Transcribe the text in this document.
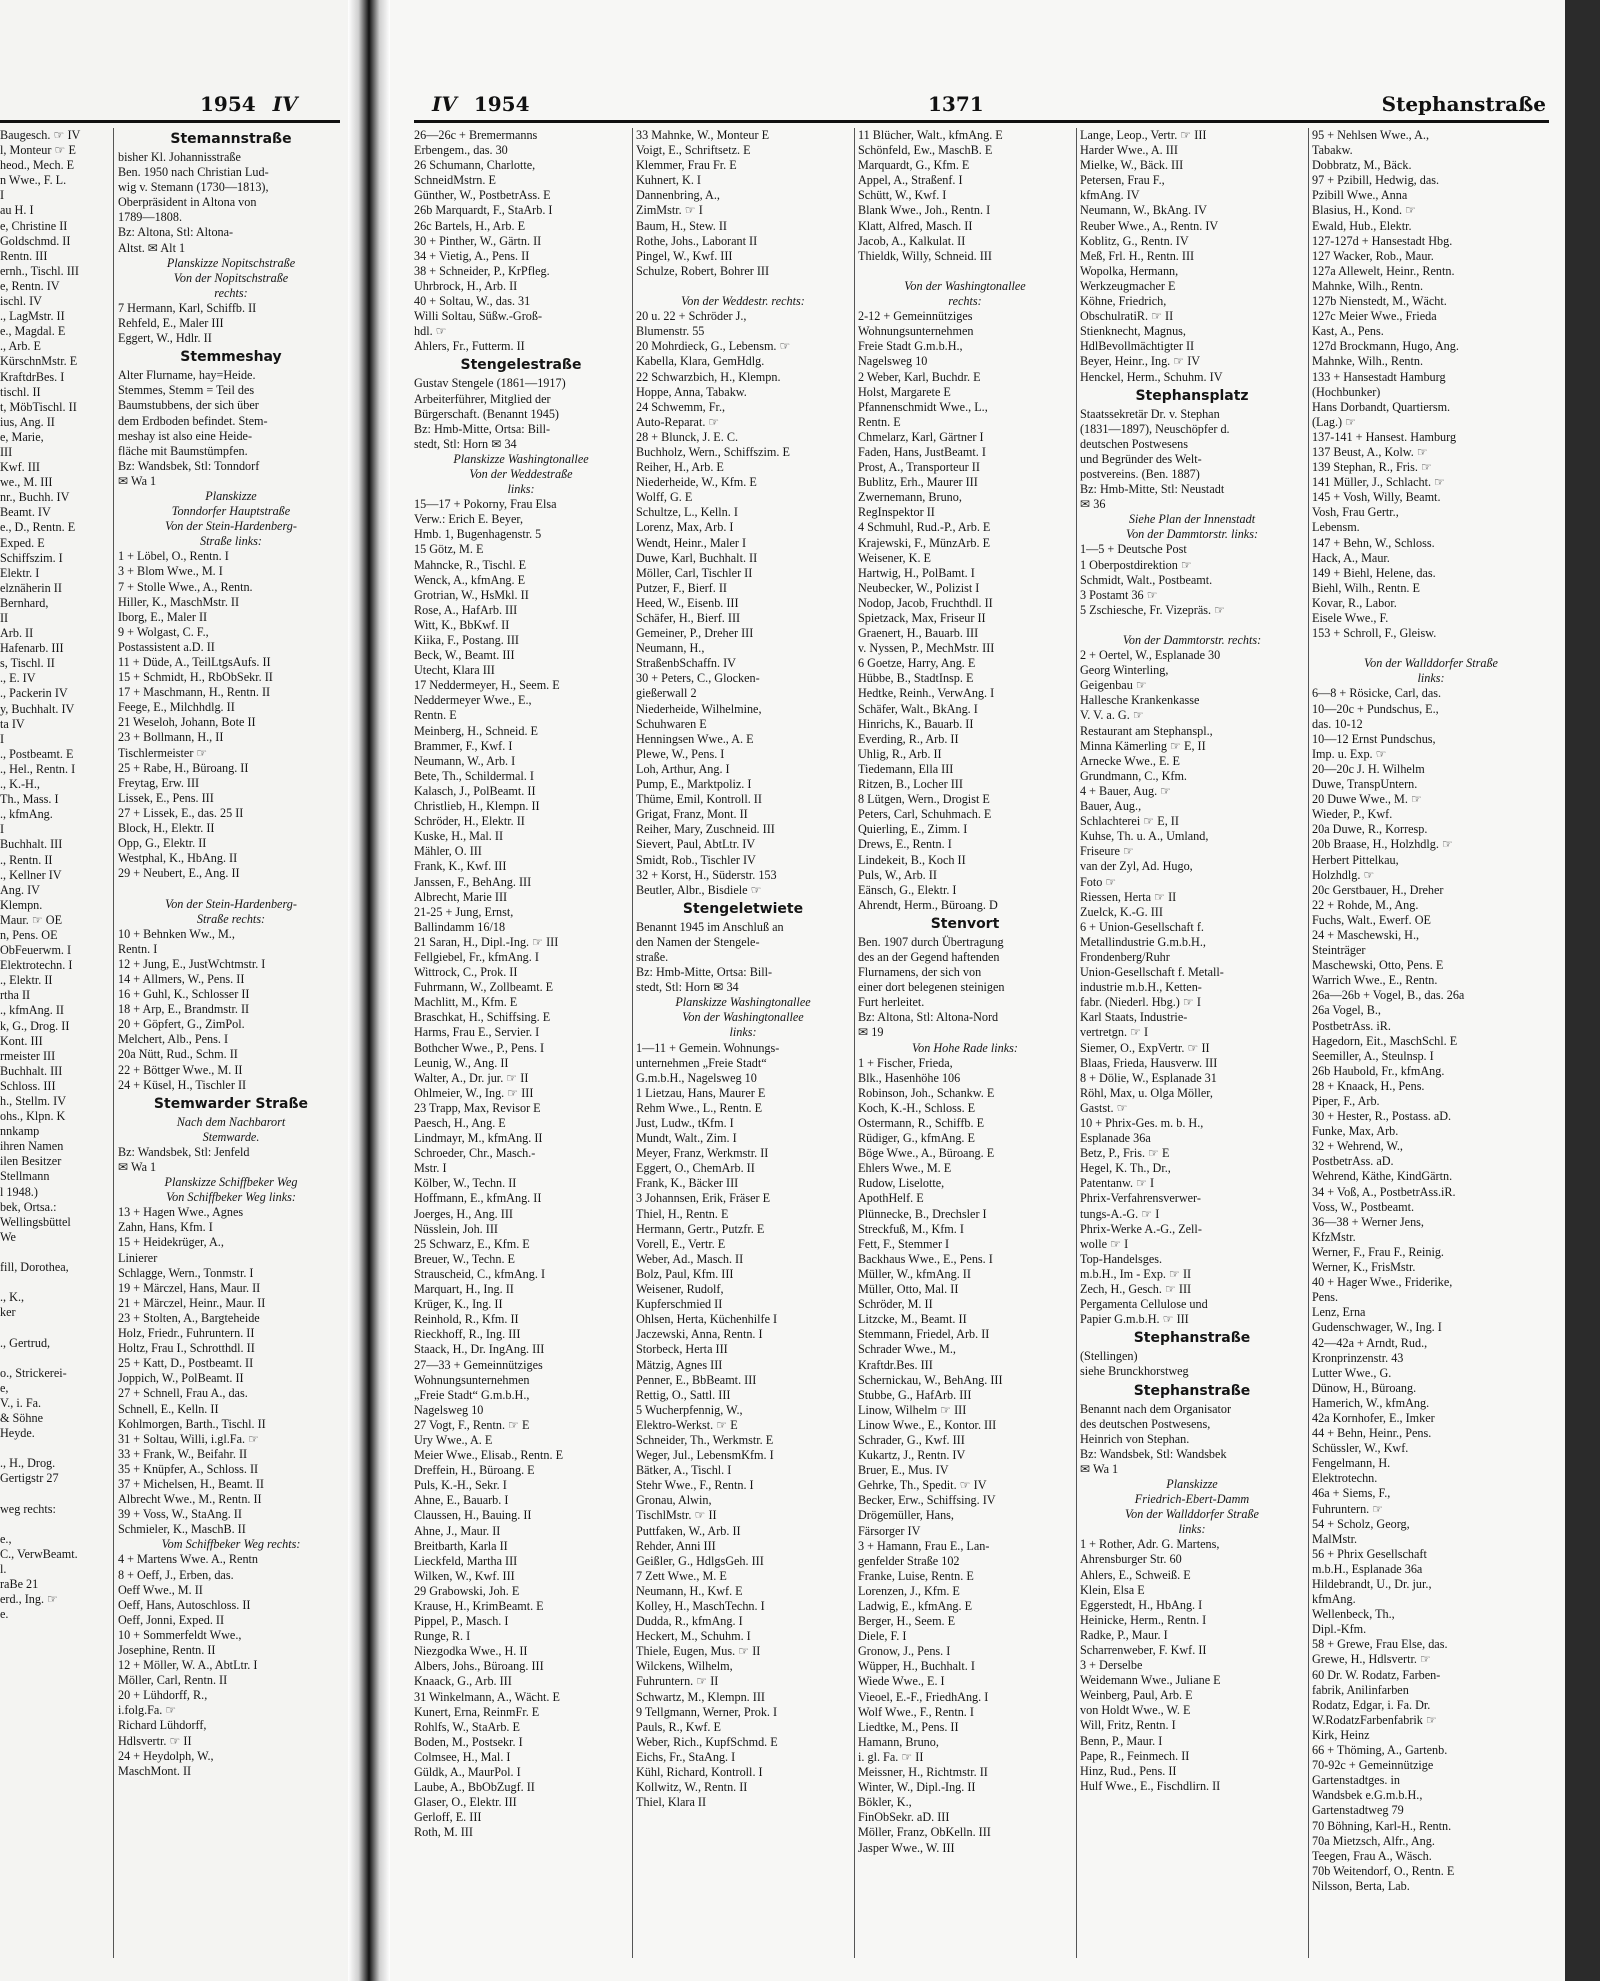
1954 IV
Baugesch. ☞ IV
l, Monteur ☞ E
heod., Mech. E
n Wwe., F. L.
I
au H. I
e, Christine II
Goldschmd. II
Rentn. III
ernh., Tischl. III
e, Rentn. IV
ischl. IV
., LagMstr. II
e., Magdal. E
., Arb. E
KürschnMstr. E
KraftdrBes. I
tischl. II
t, MöbTischl. II
ius, Ang. II
e, Marie,
III
Kwf. III
we., M. III
nr., Buchh. IV
Beamt. IV
e., D., Rentn. E
Exped. E
Schiffszim. I
Elektr. I
elznäherin II
Bernhard,
II
Arb. II
Hafenarb. III
s, Tischl. II
., E. IV
., Packerin IV
y, Buchhalt. IV
ta IV
I
., Postbeamt. E
., Hel., Rentn. I
., K.-H.,
Th., Mass. I
., kfmAng.
I
Buchhalt. III
., Rentn. II
., Kellner IV
Ang. IV
Klempn.
Maur. ☞ OE
n, Pens. OE
ObFeuerwm. I
Elektrotechn. I
., Elektr. II
rtha II
., kfmAng. II
k, G., Drog. II
Kont. III
rmeister III
Buchhalt. III
Schloss. III
h., Stellm. IV
ohs., Klpn. K
nnkamp
ihren Namen
ilen Besitzer
Stellmann
l 1948.)
bek, Ortsa.:
Wellingsbüttel
We

fill, Dorothea,

., K.,
ker

., Gertrud,

o., Strickerei-
e,
V., i. Fa.
& Söhne
Heyde.

., H., Drog.
Gertigstr 27

weg rechts:

e.,
C., VerwBeamt.
l.
raBe 21
erd., Ing. ☞
e.
Stemannstraße
bisher Kl. Johannisstraße
Ben. 1950 nach Christian Lud-
wig v. Stemann (1730—1813),
Oberpräsident in Altona von
1789—1808.
Bz: Altona, Stl: Altona-
Altst. ✉ Alt 1
Planskizze Nopitschstraße
Von der Nopitschstraße
rechts:
7 Hermann, Karl, Schiffb. II
Rehfeld, E., Maler III
Eggert, W., Hdlr. II
Stemmeshay
Alter Flurname, hay=Heide.
Stemmes, Stemm = Teil des
Baumstubbens, der sich über
dem Erdboden befindet. Stem-
meshay ist also eine Heide-
fläche mit Baumstümpfen.
Bz: Wandsbek, Stl: Tonndorf
✉ Wa 1
Planskizze
Tonndorfer Hauptstraße
Von der Stein-Hardenberg-
Straße links:
1 + Löbel, O., Rentn. I
3 + Blom Wwe., M. I
7 + Stolle Wwe., A., Rentn.
Hiller, K., MaschMstr. II
Iborg, E., Maler II
9 + Wolgast, C. F.,
Postassistent a.D. II
11 + Düde, A., TeilLtgsAufs. II
15 + Schmidt, H., RbObSekr. II
17 + Maschmann, H., Rentn. II
Feege, E., Milchhdlg. II
21 Weseloh, Johann, Bote II
23 + Bollmann, H., II
Tischlermeister ☞
25 + Rabe, H., Büroang. II
Freytag, Erw. III
Lissek, E., Pens. III
27 + Lissek, E., das. 25 II
Block, H., Elektr. II
Opp, G., Elektr. II
Westphal, K., HbAng. II
29 + Neubert, E., Ang. II

Von der Stein-Hardenberg-
Straße rechts:
10 + Behnken Ww., M.,
Rentn. I
12 + Jung, E., JustWchtmstr. I
14 + Allmers, W., Pens. II
16 + Guhl, K., Schlosser II
18 + Arp, E., Brandmstr. II
20 + Göpfert, G., ZimPol.
Melchert, Alb., Pens. I
20a Nütt, Rud., Schm. II
22 + Böttger Wwe., M. II
24 + Küsel, H., Tischler II
Stemwarder Straße
Nach dem Nachbarort
Stemwarde.
Bz: Wandsbek, Stl: Jenfeld
✉ Wa 1
Planskizze Schiffbeker Weg
Von Schiffbeker Weg links:
13 + Hagen Wwe., Agnes
Zahn, Hans, Kfm. I
15 + Heidekrüger, A.,
Linierer
Schlagge, Wern., Tonmstr. I
19 + Märczel, Hans, Maur. II
21 + Märczel, Heinr., Maur. II
23 + Stolten, A., Bargteheide
Holz, Friedr., Fuhruntern. II
Holtz, Frau I., Schrotthdl. II
25 + Katt, D., Postbeamt. II
Joppich, W., PolBeamt. II
27 + Schnell, Frau A., das.
Schnell, E., Kelln. II
Kohlmorgen, Barth., Tischl. II
31 + Soltau, Willi, i.gl.Fa. ☞
33 + Frank, W., Beifahr. II
35 + Knüpfer, A., Schloss. II
37 + Michelsen, H., Beamt. II
Albrecht Wwe., M., Rentn. II
39 + Voss, W., StaAng. II
Schmieler, K., MaschB. II
Vom Schiffbeker Weg rechts:
4 + Martens Wwe. A., Rentn
8 + Oeff, J., Erben, das.
Oeff Wwe., M. II
Oeff, Hans, Autoschloss. II
Oeff, Jonni, Exped. II
10 + Sommerfeldt Wwe.,
Josephine, Rentn. II
12 + Möller, W. A., AbtLtr. I
Möller, Carl, Rentn. II
20 + Lühdorff, R.,
i.folg.Fa. ☞
Richard Lühdorff,
Hdlsvertr. ☞ II
24 + Heydolph, W.,
MaschMont. II
IV 1954	1371	Stephanstraße
26—26c + Bremermanns
Erbengem., das. 30
26 Schumann, Charlotte,
SchneidMstrn. E
Günther, W., PostbetrAss. E
26b Marquardt, F., StaArb. I
26c Bartels, H., Arb. E
30 + Pinther, W., Gärtn. II
34 + Vietig, A., Pens. II
38 + Schneider, P., KrPfleg.
Uhrbrock, H., Arb. II
40 + Soltau, W., das. 31
Willi Soltau, Süßw.-Groß-
hdl. ☞
Ahlers, Fr., Futterm. II
Stengelestraße
Gustav Stengele (1861—1917)
Arbeiterführer, Mitglied der
Bürgerschaft. (Benannt 1945)
Bz: Hmb-Mitte, Ortsa: Bill-
stedt, Stl: Horn ✉ 34
Planskizze Washingtonallee
Von der Weddestraße
links:
15—17 + Pokorny, Frau Elsa
Verw.: Erich E. Beyer,
Hmb. 1, Bugenhagenstr. 5
15 Götz, M. E
Mahncke, R., Tischl. E
Wenck, A., kfmAng. E
Grotrian, W., HsMkl. II
Rose, A., HafArb. III
Witt, K., BbKwf. II
Kiika, F., Postang. III
Beck, W., Beamt. III
Utecht, Klara III
17 Neddermeyer, H., Seem. E
Neddermeyer Wwe., E.,
Rentn. E
Meinberg, H., Schneid. E
Brammer, F., Kwf. I
Neumann, W., Arb. I
Bete, Th., Schildermal. I
Kalasch, J., PolBeamt. II
Christlieb, H., Klempn. II
Schröder, H., Elektr. II
Kuske, H., Mal. II
Mähler, O. III
Frank, K., Kwf. III
Janssen, F., BehAng. III
Albrecht, Marie III
21-25 + Jung, Ernst,
Ballindamm 16/18
21 Saran, H., Dipl.-Ing. ☞ III
Fellgiebel, Fr., kfmAng. I
Wittrock, C., Prok. II
Fuhrmann, W., Zollbeamt. E
Machlitt, M., Kfm. E
Braschkat, H., Schiffsing. E
Harms, Frau E., Servier. I
Bothcher Wwe., P., Pens. I
Leunig, W., Ang. II
Walter, A., Dr. jur. ☞ II
Ohlmeier, W., Ing. ☞ III
23 Trapp, Max, Revisor E
Paesch, H., Ang. E
Lindmayr, M., kfmAng. II
Schroeder, Chr., Masch.-
Mstr. I
Kölber, W., Techn. II
Hoffmann, E., kfmAng. II
Joerges, H., Ang. III
Nüsslein, Joh. III
25 Schwarz, E., Kfm. E
Breuer, W., Techn. E
Strauscheid, C., kfmAng. I
Marquart, H., Ing. II
Krüger, K., Ing. II
Reinhold, R., Kfm. II
Rieckhoff, R., Ing. III
Staack, H., Dr. IngAng. III
27—33 + Gemeinnütziges
Wohnungsunternehmen
„Freie Stadt“ G.m.b.H.,
Nagelsweg 10
27 Vogt, F., Rentn. ☞ E
Ury Wwe., A. E
Meier Wwe., Elisab., Rentn. E
Dreffein, H., Büroang. E
Puls, K.-H., Sekr. I
Ahne, E., Bauarb. I
Claussen, H., Bauing. II
Ahne, J., Maur. II
Breitbarth, Karla II
Lieckfeld, Martha III
Wilken, W., Kwf. III
29 Grabowski, Joh. E
Krause, H., KrimBeamt. E
Pippel, P., Masch. I
Runge, R. I
Niezgodka Wwe., H. II
Albers, Johs., Büroang. III
Knaack, G., Arb. III
31 Winkelmann, A., Wächt. E
Kunert, Erna, ReinmFr. E
Rohlfs, W., StaArb. E
Boden, M., Postsekr. I
Colmsee, H., Mal. I
Güldk, A., MaurPol. I
Laube, A., BbObZugf. II
Glaser, O., Elektr. III
Gerloff, E. III
Roth, M. III
33 Mahnke, W., Monteur E
Voigt, E., Schriftsetz. E
Klemmer, Frau Fr. E
Kuhnert, K. I
Dannenbring, A.,
ZimMstr. ☞ I
Baum, H., Stew. II
Rothe, Johs., Laborant II
Pingel, W., Kwf. III
Schulze, Robert, Bohrer III

Von der Weddestr. rechts:
20 u. 22 + Schröder J.,
Blumenstr. 55
20 Mohrdieck, G., Lebensm. ☞
Kabella, Klara, GemHdlg.
22 Schwarzbich, H., Klempn.
Hoppe, Anna, Tabakw.
24 Schwemm, Fr.,
Auto-Reparat. ☞
28 + Blunck, J. E. C.
Buchholz, Wern., Schiffszim. E
Reiher, H., Arb. E
Niederheide, W., Kfm. E
Wolff, G. E
Schultze, L., Kelln. I
Lorenz, Max, Arb. I
Wendt, Heinr., Maler I
Duwe, Karl, Buchhalt. II
Möller, Carl, Tischler II
Putzer, F., Bierf. II
Heed, W., Eisenb. III
Schäfer, H., Bierf. III
Gemeiner, P., Dreher III
Neumann, H.,
StraßenbSchaffn. IV
30 + Peters, C., Glocken-
gießerwall 2
Niederheide, Wilhelmine,
Schuhwaren E
Henningsen Wwe., A. E
Plewe, W., Pens. I
Loh, Arthur, Ang. I
Pump, E., Marktpoliz. I
Thüme, Emil, Kontroll. II
Grigat, Franz, Mont. II
Reiher, Mary, Zuschneid. III
Sievert, Paul, AbtLtr. IV
Smidt, Rob., Tischler IV
32 + Korst, H., Süderstr. 153
Beutler, Albr., Bisdiele ☞
Stengeletwiete
Benannt 1945 im Anschluß an
den Namen der Stengele-
straße.
Bz: Hmb-Mitte, Ortsa: Bill-
stedt, Stl: Horn ✉ 34
Planskizze Washingtonallee
Von der Washingtonallee
links:
1—11 + Gemein. Wohnungs-
unternehmen „Freie Stadt“
G.m.b.H., Nagelsweg 10
1 Lietzau, Hans, Maurer E
Rehm Wwe., L., Rentn. E
Just, Ludw., tKfm. I
Mundt, Walt., Zim. I
Meyer, Franz, Werkmstr. II
Eggert, O., ChemArb. II
Frank, K., Bäcker III
3 Johannsen, Erik, Fräser E
Thiel, H., Rentn. E
Hermann, Gertr., Putzfr. E
Vorell, E., Vertr. E
Weber, Ad., Masch. II
Bolz, Paul, Kfm. III
Weisener, Rudolf,
Kupferschmied II
Ohlsen, Herta, Küchenhilfe I
Jaczewski, Anna, Rentn. I
Storbeck, Herta III
Mätzig, Agnes III
Penner, E., BbBeamt. III
Rettig, O., Sattl. III
5 Wucherpfennig, W.,
Elektro-Werkst. ☞ E
Schneider, Th., Werkmstr. E
Weger, Jul., LebensmKfm. I
Bätker, A., Tischl. I
Stehr Wwe., F., Rentn. I
Gronau, Alwin,
TischlMstr. ☞ II
Puttfaken, W., Arb. II
Rehder, Anni III
Geißler, G., HdlgsGeh. III
7 Zett Wwe., M. E
Neumann, H., Kwf. E
Kolley, H., MaschTechn. I
Dudda, R., kfmAng. I
Heckert, M., Schuhm. I
Thiele, Eugen, Mus. ☞ II
Wilckens, Wilhelm,
Fuhruntern. ☞ II
Schwartz, M., Klempn. III
9 Tellgmann, Werner, Prok. I
Pauls, R., Kwf. E
Weber, Rich., KupfSchmd. E
Eichs, Fr., StaAng. I
Kühl, Richard, Kontroll. I
Kollwitz, W., Rentn. II
Thiel, Klara II
11 Blücher, Walt., kfmAng. E
Schönfeld, Ew., MaschB. E
Marquardt, G., Kfm. E
Appel, A., Straßenf. I
Schütt, W., Kwf. I
Blank Wwe., Joh., Rentn. I
Klatt, Alfred, Masch. II
Jacob, A., Kalkulat. II
Thieldk, Willy, Schneid. III

Von der Washingtonallee
rechts:
2-12 + Gemeinnütziges
Wohnungsunternehmen
Freie Stadt G.m.b.H.,
Nagelsweg 10
2 Weber, Karl, Buchdr. E
Holst, Margarete E
Pfannenschmidt Wwe., L.,
Rentn. E
Chmelarz, Karl, Gärtner I
Faden, Hans, JustBeamt. I
Prost, A., Transporteur II
Bublitz, Erh., Maurer III
Zwernemann, Bruno,
RegInspektor II
4 Schmuhl, Rud.-P., Arb. E
Krajewski, F., MünzArb. E
Weisener, K. E
Hartwig, H., PolBamt. I
Neubecker, W., Polizist I
Nodop, Jacob, Fruchthdl. II
Spietzack, Max, Friseur II
Graenert, H., Bauarb. III
v. Nyssen, P., MechMstr. III
6 Goetze, Harry, Ang. E
Hübbe, B., StadtInsp. E
Hedtke, Reinh., VerwAng. I
Schäfer, Walt., BkAng. I
Hinrichs, K., Bauarb. II
Everding, R., Arb. II
Uhlig, R., Arb. II
Tiedemann, Ella III
Ritzen, B., Locher III
8 Lütgen, Wern., Drogist E
Peters, Carl, Schuhmach. E
Quierling, E., Zimm. I
Drews, E., Rentn. I
Lindekeit, B., Koch II
Puls, W., Arb. II
Eänsch, G., Elektr. I
Ahrendt, Herm., Büroang. D
Stenvort
Ben. 1907 durch Übertragung
des an der Gegend haftenden
Flurnamens, der sich von
einer dort belegenen steinigen
Furt herleitet.
Bz: Altona, Stl: Altona-Nord
✉ 19
Von Hohe Rade links:
1 + Fischer, Frieda,
Blk., Hasenhöhe 106
Robinson, Joh., Schankw. E
Koch, K.-H., Schloss. E
Ostermann, R., Schiffb. E
Rüdiger, G., kfmAng. E
Böge Wwe., A., Büroang. E
Ehlers Wwe., M. E
Rudow, Liselotte,
ApothHelf. E
Plünnecke, B., Drechsler I
Streckfuß, M., Kfm. I
Fett, F., Stemmer I
Backhaus Wwe., E., Pens. I
Müller, W., kfmAng. II
Müller, Otto, Mal. II
Schröder, M. II
Litzcke, M., Beamt. II
Stemmann, Friedel, Arb. II
Schrader Wwe., M.,
Kraftdr.Bes. III
Schernickau, W., BehAng. III
Stubbe, G., HafArb. III
Linow, Wilhelm ☞ III
Linow Wwe., E., Kontor. III
Schrader, G., Kwf. III
Kukartz, J., Rentn. IV
Bruer, E., Mus. IV
Gehrke, Th., Spedit. ☞ IV
Becker, Erw., Schiffsing. IV
Drögemüller, Hans,
Färsorger IV
3 + Hamann, Frau E., Lan-
genfelder Straße 102
Franke, Luise, Rentn. E
Lorenzen, J., Kfm. E
Ladwig, E., kfmAng. E
Berger, H., Seem. E
Diele, F. I
Gronow, J., Pens. I
Wüpper, H., Buchhalt. I
Wiede Wwe., E. I
Vieoel, E.-F., FriedhAng. I
Wolf Wwe., F., Rentn. I
Liedtke, M., Pens. II
Hamann, Bruno,
i. gl. Fa. ☞ II
Meissner, H., Richtmstr. II
Winter, W., Dipl.-Ing. II
Bökler, K.,
FinObSekr. aD. III
Möller, Franz, ObKelln. III
Jasper Wwe., W. III
Lange, Leop., Vertr. ☞ III
Harder Wwe., A. III
Mielke, W., Bäck. III
Petersen, Frau F.,
kfmAng. IV
Neumann, W., BkAng. IV
Reuber Wwe., A., Rentn. IV
Koblitz, G., Rentn. IV
Meß, Frl. H., Rentn. III
Wopolka, Hermann,
Werkzeugmacher E
Köhne, Friedrich,
ObschulratiR. ☞ II
Stienknecht, Magnus,
HdlBevollmächtigter II
Beyer, Heinr., Ing. ☞ IV
Henckel, Herm., Schuhm. IV
Stephansplatz
Staatssekretär Dr. v. Stephan
(1831—1897), Neuschöpfer d.
deutschen Postwesens
und Begründer des Welt-
postvereins. (Ben. 1887)
Bz: Hmb-Mitte, Stl: Neustadt
✉ 36
Siehe Plan der Innenstadt
Von der Dammtorstr. links:
1—5 + Deutsche Post
1 Oberpostdirektion ☞
Schmidt, Walt., Postbeamt.
3 Postamt 36 ☞
5 Zschiesche, Fr. Vizepräs. ☞

Von der Dammtorstr. rechts:
2 + Oertel, W., Esplanade 30
Georg Winterling,
Geigenbau ☞
Hallesche Krankenkasse
V. V. a. G. ☞
Restaurant am Stephanspl.,
Minna Kämerling ☞ E, II
Arnecke Wwe., E. E
Grundmann, C., Kfm.
4 + Bauer, Aug. ☞
Bauer, Aug.,
Schlachterei ☞ E, II
Kuhse, Th. u. A., Umland,
Friseure ☞
van der Zyl, Ad. Hugo,
Foto ☞
Riessen, Herta ☞ II
Zuelck, K.-G. III
6 + Union-Gesellschaft f.
Metallindustrie G.m.b.H.,
Frondenberg/Ruhr
Union-Gesellschaft f. Metall-
industrie m.b.H., Ketten-
fabr. (Niederl. Hbg.) ☞ I
Karl Staats, Industrie-
vertretgn. ☞ I
Siemer, O., ExpVertr. ☞ II
Blaas, Frieda, Hausverw. III
8 + Dölie, W., Esplanade 31
Röhl, Max, u. Olga Möller,
Gastst. ☞
10 + Phrix-Ges. m. b. H.,
Esplanade 36a
Betz, P., Fris. ☞ E
Hegel, K. Th., Dr.,
Patentanw. ☞ I
Phrix-Verfahrensverwer-
tungs-A.-G. ☞ I
Phrix-Werke A.-G., Zell-
wolle ☞ I
Top-Handelsges.
m.b.H., Im - Exp. ☞ II
Zech, H., Gesch. ☞ III
Pergamenta Cellulose und
Papier G.m.b.H. ☞ III
Stephanstraße
(Stellingen)
siehe Brunckhorstweg
Stephanstraße
Benannt nach dem Organisator
des deutschen Postwesens,
Heinrich von Stephan.
Bz: Wandsbek, Stl: Wandsbek
✉ Wa 1
Planskizze
Friedrich-Ebert-Damm
Von der Wallddorfer Straße
links:
1 + Rother, Adr. G. Martens,
Ahrensburger Str. 60
Ahlers, E., Schweiß. E
Klein, Elsa E
Eggerstedt, H., HbAng. I
Heinicke, Herm., Rentn. I
Radke, P., Maur. I
Scharrenweber, F. Kwf. II
3 + Derselbe
Weidemann Wwe., Juliane E
Weinberg, Paul, Arb. E
von Holdt Wwe., W. E
Will, Fritz, Rentn. I
Benn, P., Maur. I
Pape, R., Feinmech. II
Hinz, Rud., Pens. II
Hulf Wwe., E., Fischdlirn. II
95 + Nehlsen Wwe., A.,
Tabakw.
Dobbratz, M., Bäck.
97 + Pzibill, Hedwig, das.
Pzibill Wwe., Anna
Blasius, H., Kond. ☞
Ewald, Hub., Elektr.
127-127d + Hansestadt Hbg.
127 Wacker, Rob., Maur.
127a Allewelt, Heinr., Rentn.
Mahnke, Wilh., Rentn.
127b Nienstedt, M., Wächt.
127c Meier Wwe., Frieda
Kast, A., Pens.
127d Brockmann, Hugo, Ang.
Mahnke, Wilh., Rentn.
133 + Hansestadt Hamburg
(Hochbunker)
Hans Dorbandt, Quartiersm.
(Lag.) ☞
137-141 + Hansest. Hamburg
137 Beust, A., Kolw. ☞
139 Stephan, R., Fris. ☞
141 Müller, J., Schlacht. ☞
145 + Vosh, Willy, Beamt.
Vosh, Frau Gertr.,
Lebensm.
147 + Behn, W., Schloss.
Hack, A., Maur.
149 + Biehl, Helene, das.
Biehl, Wilh., Rentn. E
Kovar, R., Labor.
Eisele Wwe., F.
153 + Schroll, F., Gleisw.

Von der Wallddorfer Straße
links:
6—8 + Rösicke, Carl, das.
10—20c + Pundschus, E.,
das. 10-12
10—12 Ernst Pundschus,
Imp. u. Exp. ☞
20—20c J. H. Wilhelm
Duwe, TranspUntern.
20 Duwe Wwe., M. ☞
Wieder, P., Kwf.
20a Duwe, R., Korresp.
20b Braase, H., Holzhdlg. ☞
Herbert Pittelkau,
Holzhdlg. ☞
20c Gerstbauer, H., Dreher
22 + Rohde, M., Ang.
Fuchs, Walt., Ewerf. OE
24 + Maschewski, H.,
Steinträger
Maschewski, Otto, Pens. E
Warrich Wwe., E., Rentn.
26a—26b + Vogel, B., das. 26a
26a Vogel, B.,
PostbetrAss. iR.
Hagedorn, Eit., MaschSchl. E
Seemiller, A., Steulnsp. I
26b Haubold, Fr., kfmAng.
28 + Knaack, H., Pens.
Piper, F., Arb.
30 + Hester, R., Postass. aD.
Funke, Max, Arb.
32 + Wehrend, W.,
PostbetrAss. aD.
Wehrend, Käthe, KindGärtn.
34 + Voß, A., PostbetrAss.iR.
Voss, W., Postbeamt.
36—38 + Werner Jens,
KfzMstr.
Werner, F., Frau F., Reinig.
Werner, K., FrisMstr.
40 + Hager Wwe., Friderike,
Pens.
Lenz, Erna
Gudenschwager, W., Ing. I
42—42a + Arndt, Rud.,
Kronprinzenstr. 43
Lutter Wwe., G.
Dünow, H., Büroang.
Hamerich, W., kfmAng.
42a Kornhofer, E., Imker
44 + Behn, Heinr., Pens.
Schüssler, W., Kwf.
Fengelmann, H.
Elektrotechn.
46a + Siems, F.,
Fuhruntern. ☞
54 + Scholz, Georg,
MalMstr.
56 + Phrix Gesellschaft
m.b.H., Esplanade 36a
Hildebrandt, U., Dr. jur.,
kfmAng.
Wellenbeck, Th.,
Dipl.-Kfm.
58 + Grewe, Frau Else, das.
Grewe, H., Hdlsvertr. ☞
60 Dr. W. Rodatz, Farben-
fabrik, Anilinfarben
Rodatz, Edgar, i. Fa. Dr.
W.RodatzFarbenfabrik ☞
Kirk, Heinz
66 + Thöming, A., Gartenb.
70-92c + Gemeinnützige
Gartenstadtges. in
Wandsbek e.G.m.b.H.,
Gartenstadtweg 79
70 Böhning, Karl-H., Rentn.
70a Mietzsch, Alfr., Ang.
Teegen, Frau A., Wäsch.
70b Weitendorf, O., Rentn. E
Nilsson, Berta, Lab.
